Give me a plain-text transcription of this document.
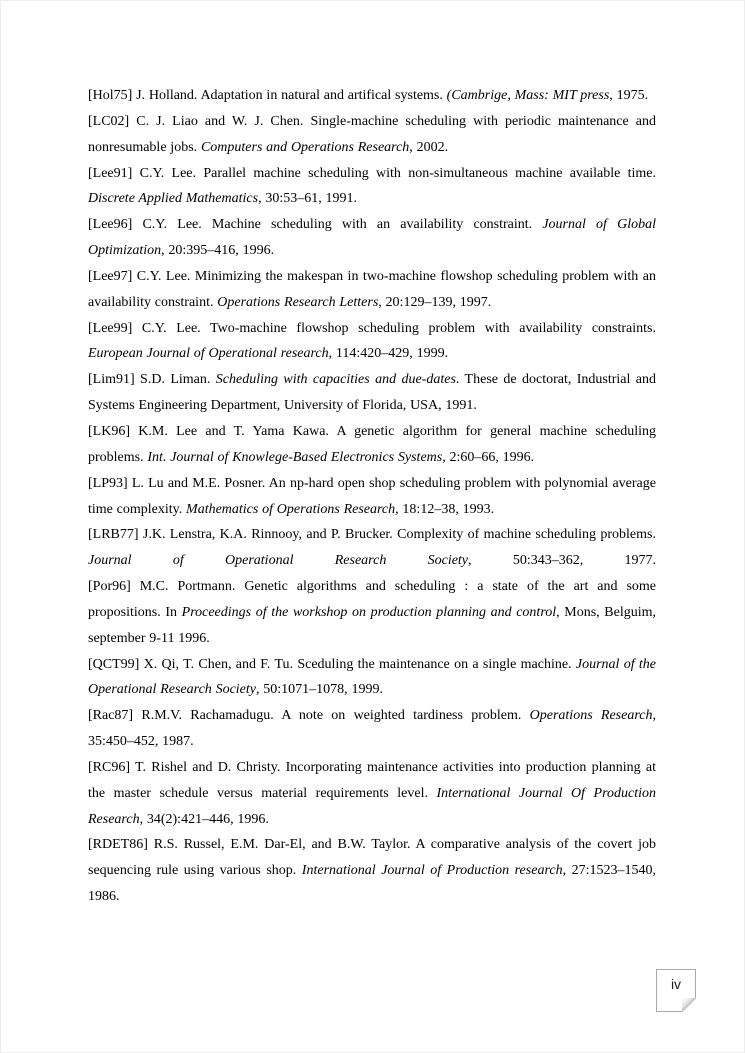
[Hol75] J. Holland. Adaptation in natural and artifical systems. (Cambrige, Mass: MIT press, 1975.

[LC02] C. J. Liao and W. J. Chen. Single-machine scheduling with periodic maintenance and nonresumable jobs. Computers and Operations Research, 2002.

[Lee91] C.Y. Lee. Parallel machine scheduling with non-simultaneous machine available time. Discrete Applied Mathematics, 30:53–61, 1991.

[Lee96] C.Y. Lee. Machine scheduling with an availability constraint. Journal of Global Optimization, 20:395–416, 1996.

[Lee97] C.Y. Lee. Minimizing the makespan in two-machine flowshop scheduling problem with an availability constraint. Operations Research Letters, 20:129–139, 1997.

[Lee99] C.Y. Lee. Two-machine flowshop scheduling problem with availability constraints. European Journal of Operational research, 114:420–429, 1999.

[Lim91] S.D. Liman. Scheduling with capacities and due-dates. These de doctorat, Industrial and Systems Engineering Department, University of Florida, USA, 1991.

[LK96] K.M. Lee and T. Yama Kawa. A genetic algorithm for general machine scheduling problems. Int. Journal of Knowlege-Based Electronics Systems, 2:60–66, 1996.

[LP93] L. Lu and M.E. Posner. An np-hard open shop scheduling problem with polynomial average time complexity. Mathematics of Operations Research, 18:12–38, 1993.

[LRB77] J.K. Lenstra, K.A. Rinnooy, and P. Brucker. Complexity of machine scheduling problems. Journal of Operational Research Society, 50:343–362, 1977.

[Por96] M.C. Portmann. Genetic algorithms and scheduling : a state of the art and some propositions. In Proceedings of the workshop on production planning and control, Mons, Belguim, september 9-11 1996.

[QCT99] X. Qi, T. Chen, and F. Tu. Sceduling the maintenance on a single machine. Journal of the Operational Research Society, 50:1071–1078, 1999.

[Rac87] R.M.V. Rachamadugu. A note on weighted tardiness problem. Operations Research, 35:450–452, 1987.

[RC96] T. Rishel and D. Christy. Incorporating maintenance activities into production planning at the master schedule versus material requirements level. International Journal Of Production Research, 34(2):421–446, 1996.

[RDET86] R.S. Russel, E.M. Dar-El, and B.W. Taylor. A comparative analysis of the covert job sequencing rule using various shop. International Journal of Production research, 27:1523–1540, 1986.

iv
